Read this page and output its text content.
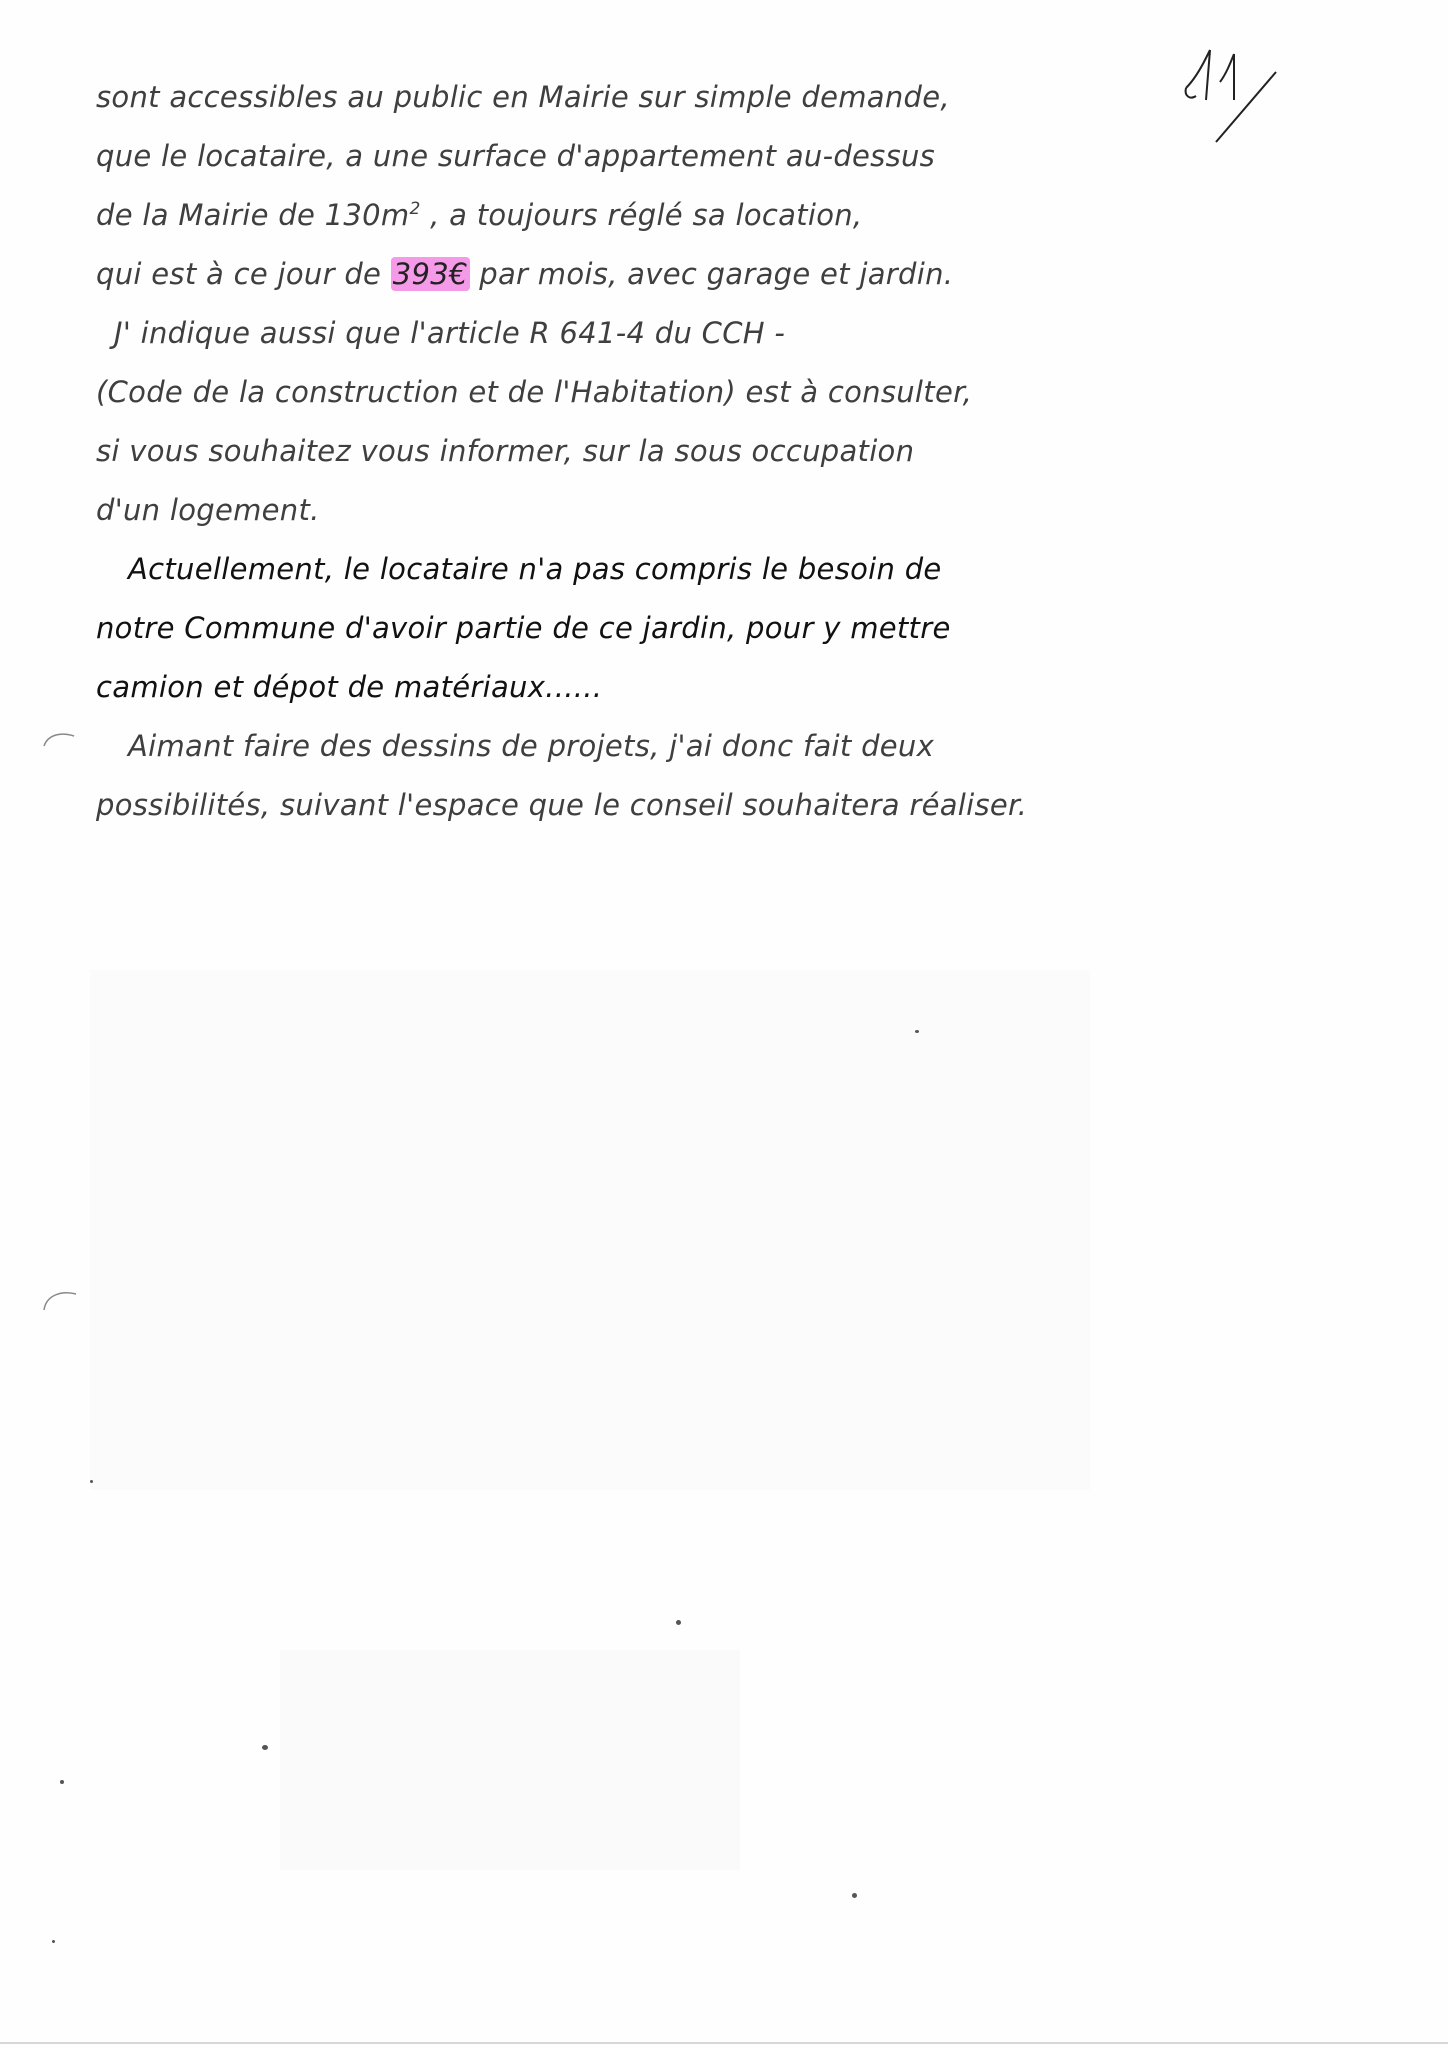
sont accessibles au public en Mairie sur simple demande,
que le locataire, a une surface d'appartement au-dessus
de la Mairie de $130m^2$ , a toujours réglé sa location,
qui est à ce jour de 393€ par mois, avec garage et jardin.
J' indique aussi que l'article R 641-4 du CCH -
(Code de la construction et de l'Habitation) est à consulter,
si vous souhaitez vous informer, sur la sous occupation
d'un logement.
Actuellement, le locataire n'a pas compris le besoin de
notre Commune d'avoir partie de ce jardin, pour y mettre
camion et dépot de matériaux......
Aimant faire des dessins de projets, j'ai donc fait deux
possibilités, suivant l'espace que le conseil souhaitera réaliser.
